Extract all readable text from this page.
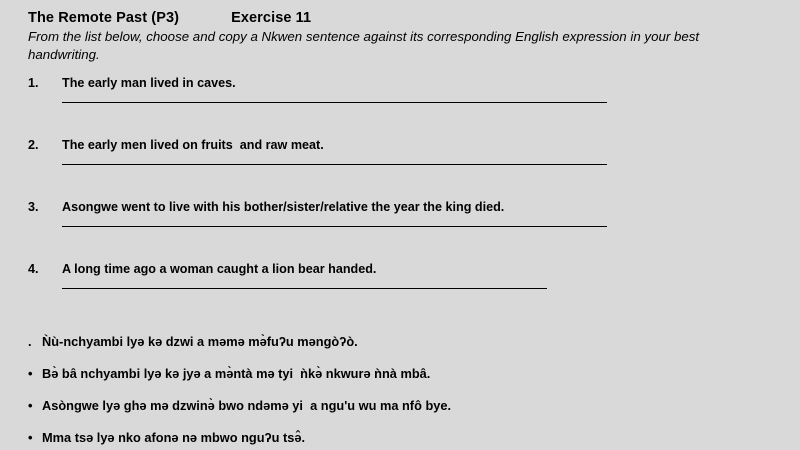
The Remote Past (P3)	Exercise 11
From the list below, choose and copy a Nkwen sentence against its corresponding English expression in your best handwriting.
1.	The early man lived in caves.
2.	The early men lived on fruits  and raw meat.
3.	Asongwe went to live with his bother/sister/relative the year the king died.
4.	A long time ago a woman caught a lion bear handed.
. Ǹù-nchyambi lyə kə dzwi a məmə mə̀fuʔu məngòʔò.
• Bə̀ bâ nchyambi lyə kə jyə a mə̀ntà mə tyi  ǹkə̀ nkwurə ǹnà mbâ.
• Asòngwe lyə ghə mə dzwinə̀ bwo ndəmə yi  a ngu'u wu ma nfô bye.
• Mma tsə lyə nko afonə nə mbwo nguʔu tsə̂.
